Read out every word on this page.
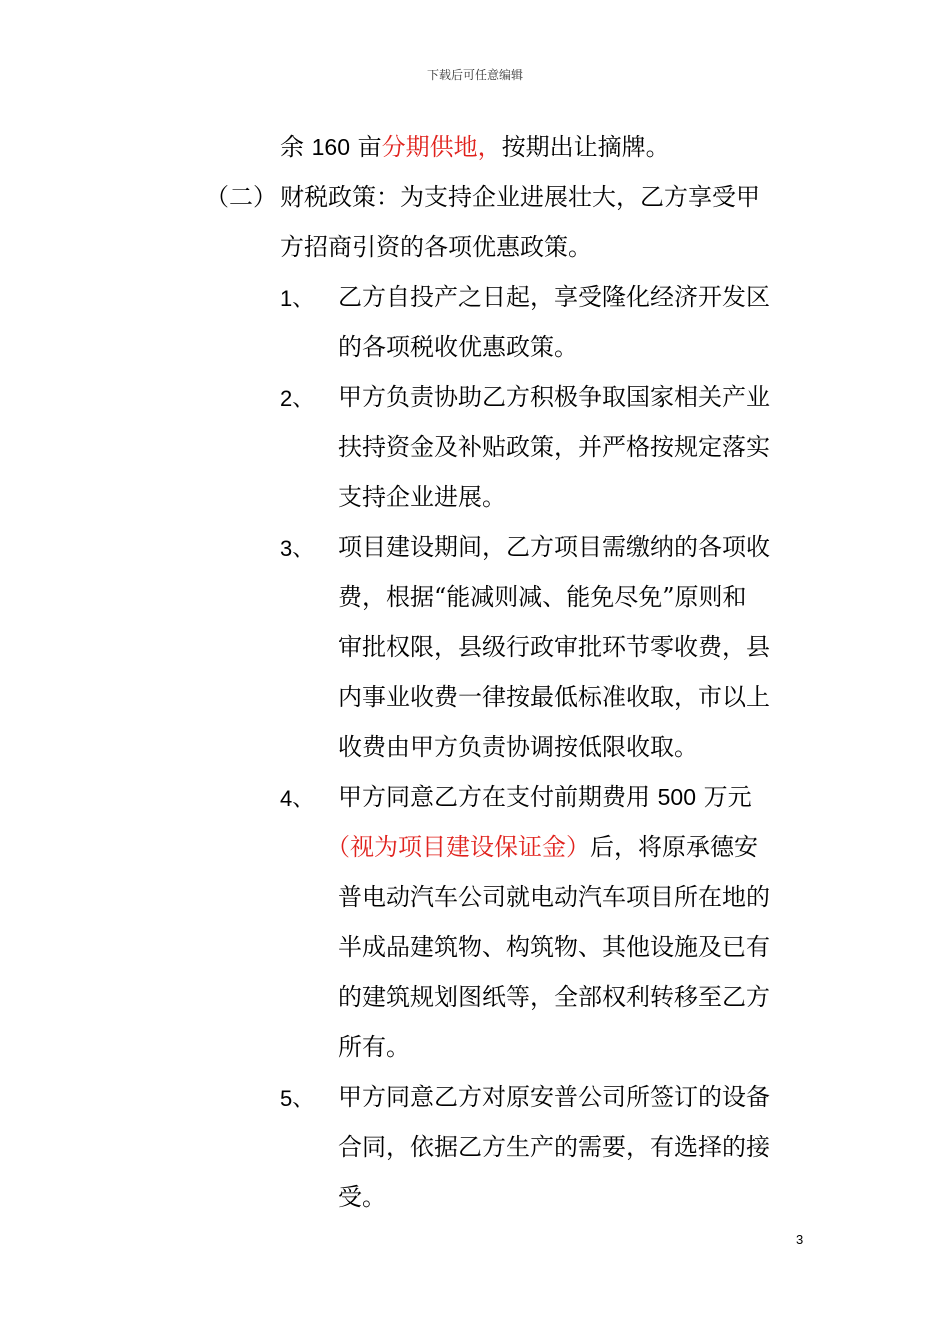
下载后可任意编辑
余 160 亩分期供地，按期出让摘牌。
（二） 财税政策：为支持企业进展壮大，乙方享受甲
方招商引资的各项优惠政策。
1、 乙方自投产之日起，享受隆化经济开发区
的各项税收优惠政策。
2、 甲方负责协助乙方积极争取国家相关产业
扶持资金及补贴政策，并严格按规定落实
支持企业进展。
3、 项目建设期间，乙方项目需缴纳的各项收
费，根据“能减则减、能免尽免”原则和
审批权限，县级行政审批环节零收费，县
内事业收费一律按最低标准收取，市以上
收费由甲方负责协调按低限收取。
4、 甲方同意乙方在支付前期费用 500 万元
（视为项目建设保证金）后，将原承德安
普电动汽车公司就电动汽车项目所在地的
半成品建筑物、构筑物、其他设施及已有
的建筑规划图纸等，全部权利转移至乙方
所有。
5、 甲方同意乙方对原安普公司所签订的设备
合同，依据乙方生产的需要，有选择的接
受。
3
